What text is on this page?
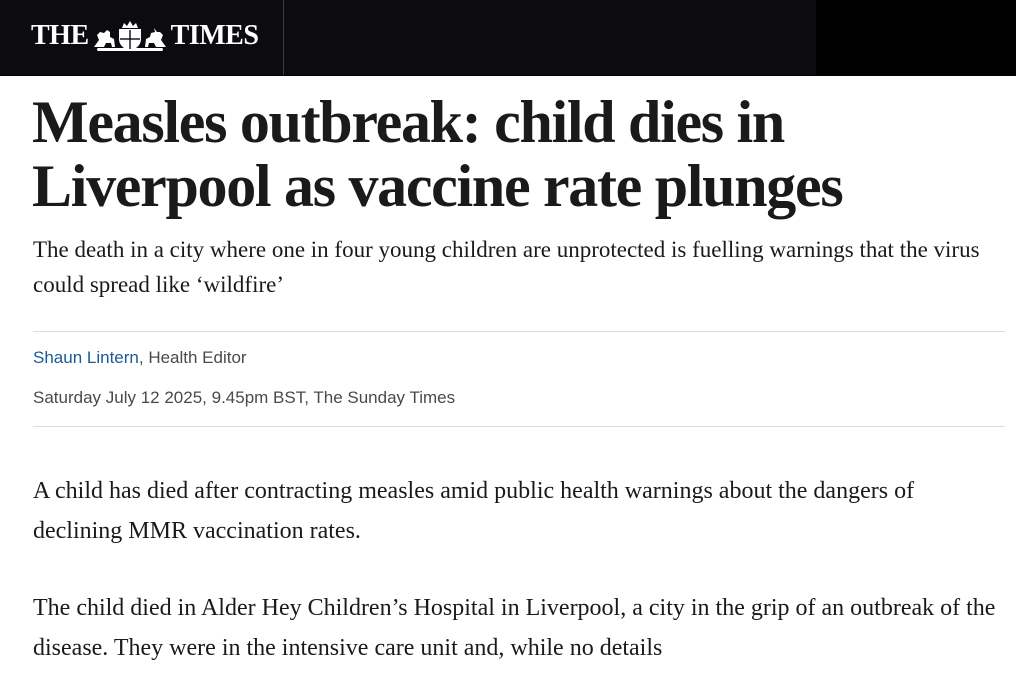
THE	TIMES
Measles outbreak: child dies in Liverpool as vaccine rate plunges

The death in a city where one in four young children are unprotected is fuelling warnings that the virus could spread like ‘wildfire’

Shaun Lintern, Health Editor
Saturday July 12 2025, 9.45pm BST, The Sunday Times

A child has died after contracting measles amid public health warnings about the dangers of declining MMR vaccination rates.

The child died in Alder Hey Children’s Hospital in Liverpool, a city in the grip of an outbreak of the disease. They were in the intensive care unit and, while no details
